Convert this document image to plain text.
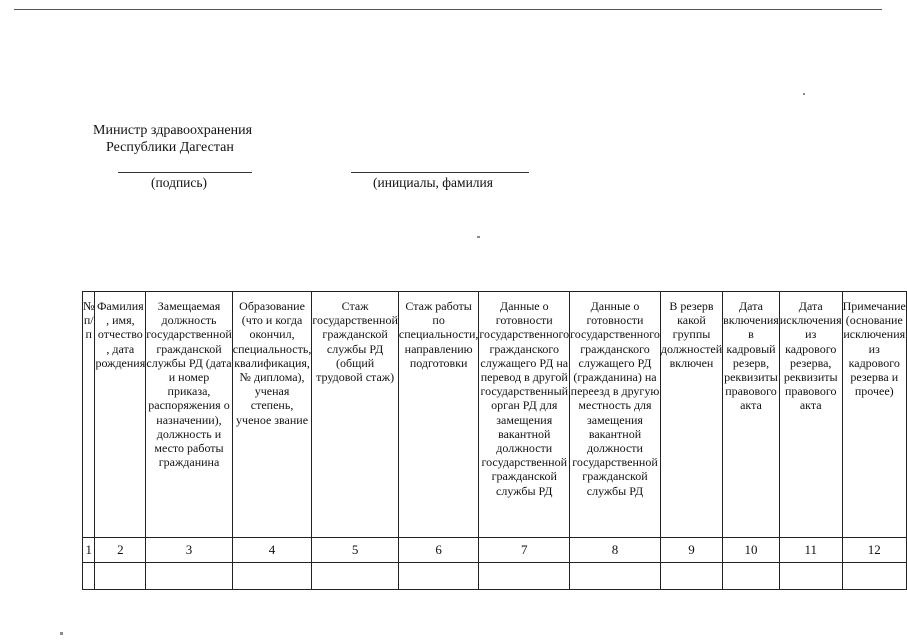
Министр здравоохранения
Республики Дагестан
(подпись)	(инициалы, фамилия
№ п/п	Фамилия , имя, отчество , дата рождения	Замещаемая должность государственной гражданской службы РД (дата и номер приказа, распоряжения о назначении), должность и место работы гражданина	Образование (что и когда окончил, специальность, квалификация, № диплома), ученая степень, ученое звание	Стаж государственной гражданской службы РД (общий трудовой стаж)	Стаж работы по специальности, направлению подготовки	Данные о готовности государственного гражданского служащего РД на перевод в другой государственный орган РД для замещения вакантной должности государственной гражданской службы РД	Данные о готовности государственного гражданского служащего РД (гражданина) на переезд в другую местность для замещения вакантной должности государственной гражданской службы РД	В резерв какой группы должностей включен	Дата включения в кадровый резерв, реквизиты правового акта	Дата исключения из кадрового резерва, реквизиты правового акта	Примечание (основание исключения из кадрового резерва и прочее)

1	2	3	4	5	6	7	8	9	10	11	12
